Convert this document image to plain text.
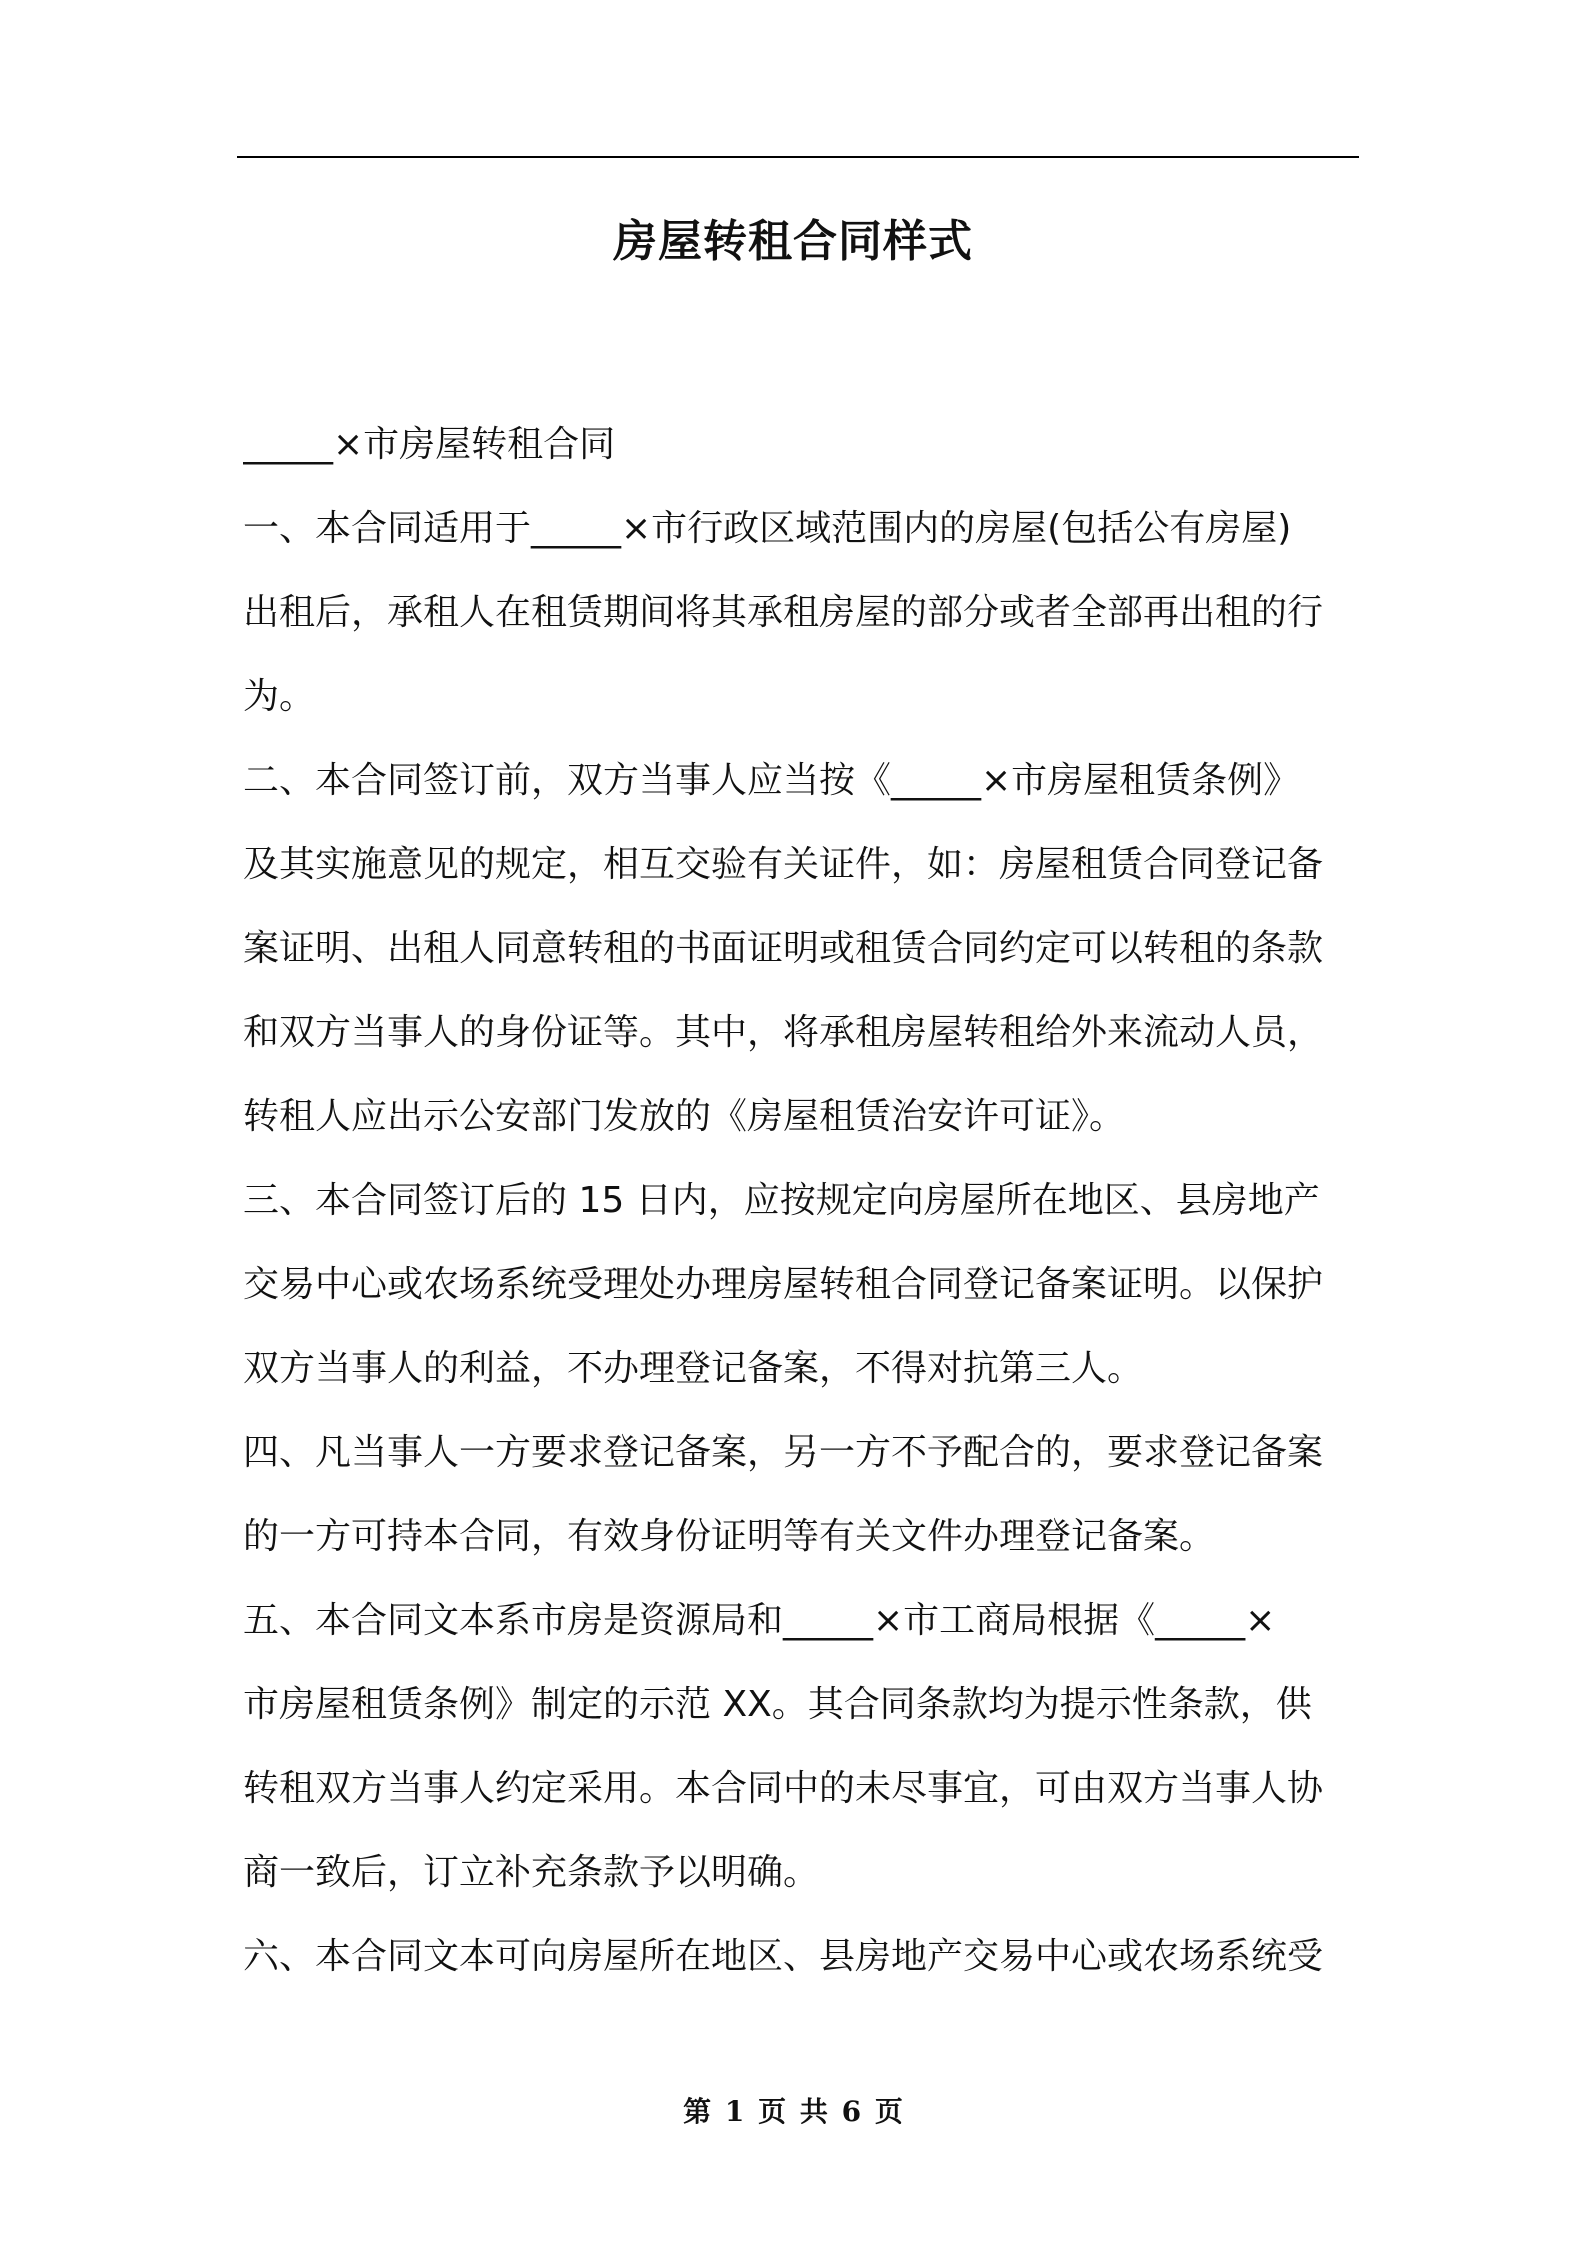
房屋转租合同样式
_____×市房屋转租合同
一、本合同适用于_____×市行政区域范围内的房屋(包括公有房屋)
出租后，承租人在租赁期间将其承租房屋的部分或者全部再出租的行
为。
二、本合同签订前，双方当事人应当按《_____×市房屋租赁条例》
及其实施意见的规定，相互交验有关证件，如：房屋租赁合同登记备
案证明、出租人同意转租的书面证明或租赁合同约定可以转租的条款
和双方当事人的身份证等。其中，将承租房屋转租给外来流动人员，
转租人应出示公安部门发放的《房屋租赁治安许可证》。
三、本合同签订后的 15 日内，应按规定向房屋所在地区、县房地产
交易中心或农场系统受理处办理房屋转租合同登记备案证明。以保护
双方当事人的利益，不办理登记备案，不得对抗第三人。
四、凡当事人一方要求登记备案，另一方不予配合的，要求登记备案
的一方可持本合同，有效身份证明等有关文件办理登记备案。
五、本合同文本系市房是资源局和_____×市工商局根据《_____×
市房屋租赁条例》制定的示范 XX。其合同条款均为提示性条款，供
转租双方当事人约定采用。本合同中的未尽事宜，可由双方当事人协
商一致后，订立补充条款予以明确。
六、本合同文本可向房屋所在地区、县房地产交易中心或农场系统受
第 1 页 共 6 页
